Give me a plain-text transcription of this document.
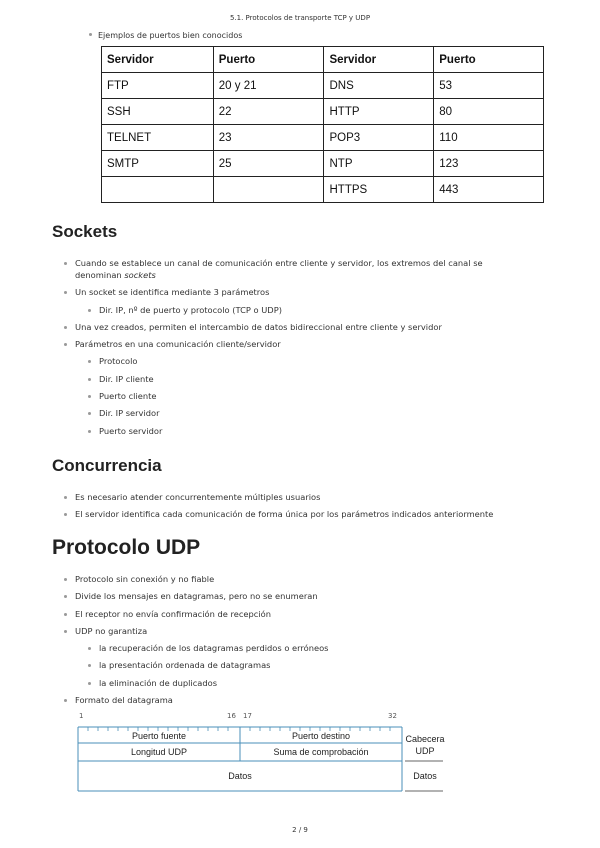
5.1. Protocolos de transporte TCP y UDP
Ejemplos de puertos bien conocidos
Servidor	Puerto	Servidor	Puerto
FTP	20 y 21	DNS	53
SSH	22	HTTP	80
TELNET	23	POP3	110
SMTP	25	NTP	123
		HTTPS	443
Sockets
Cuando se establece un canal de comunicación entre cliente y servidor, los extremos del canal se
denominan sockets
Un socket se identifica mediante 3 parámetros
Dir. IP, nº de puerto y protocolo (TCP o UDP)
Una vez creados, permiten el intercambio de datos bidireccional entre cliente y servidor
Parámetros en una comunicación cliente/servidor
Protocolo
Dir. IP cliente
Puerto cliente
Dir. IP servidor
Puerto servidor
Concurrencia
Es necesario atender concurrentemente múltiples usuarios
El servidor identifica cada comunicación de forma única por los parámetros indicados anteriormente
Protocolo UDP
Protocolo sin conexión y no fiable
Divide los mensajes en datagramas, pero no se enumeran
El receptor no envía confirmación de recepción
UDP no garantiza
la recuperación de los datagramas perdidos o erróneos
la presentación ordenada de datagramas
la eliminación de duplicados
Formato del datagrama
1	16 17	32
Puerto fuente	Puerto destino
Longitud UDP	Suma de comprobación
Datos
Cabecera
UDP
Datos
2 / 9
